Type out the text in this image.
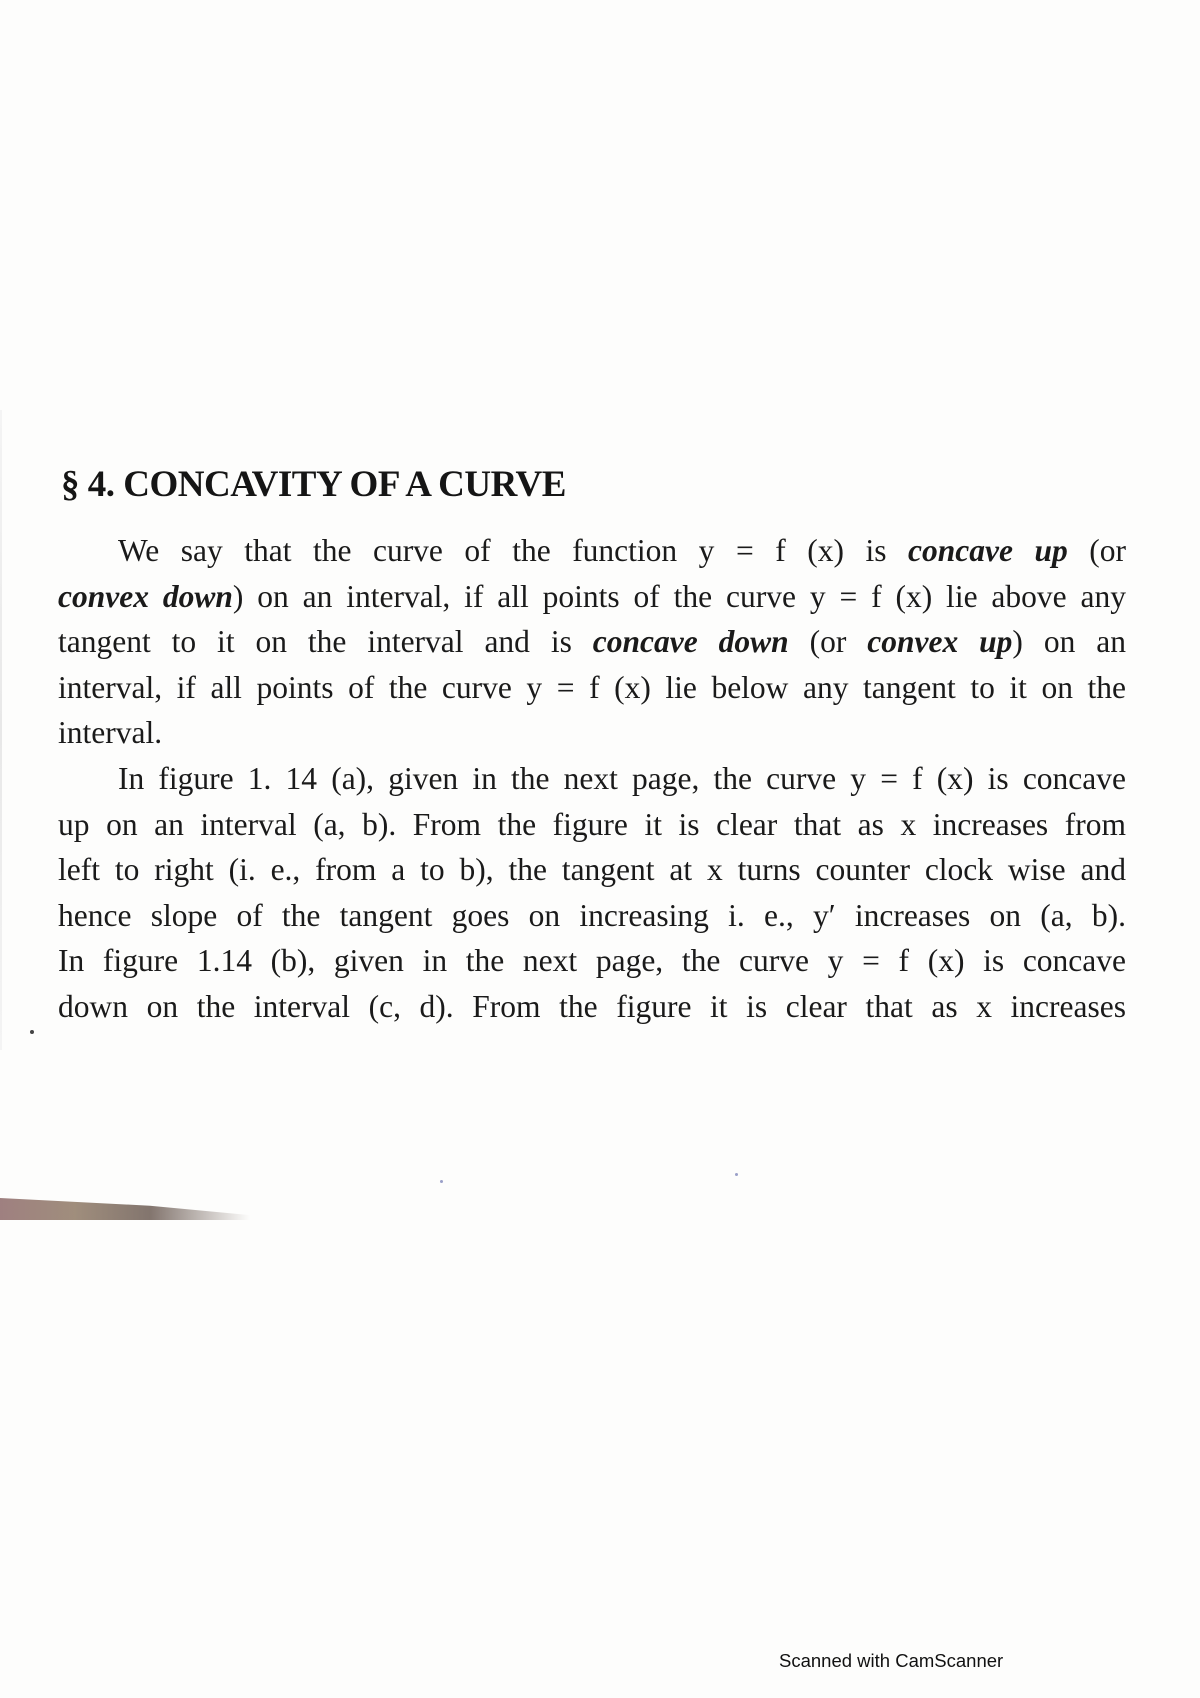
§ 4. CONCAVITY OF A CURVE
We say that the curve of the function y = f (x) is concave up (or
convex down) on an interval, if all points of the curve y = f (x) lie above any
tangent to it on the interval and is concave down (or convex up) on an
interval, if all points of the curve y = f (x) lie below any tangent to it on the
interval.
In figure 1. 14 (a), given in the next page, the curve y = f (x) is concave
up on an interval (a, b). From the figure it is clear that as x increases from
left to right (i. e., from a to b), the tangent at x turns counter clock wise and
hence slope of the tangent goes on increasing i. e., y′ increases on (a, b).
In figure 1.14 (b), given in the next page, the curve y = f (x) is concave
down on the interval (c, d). From the figure it is clear that as x increases
Scanned with CamScanner
